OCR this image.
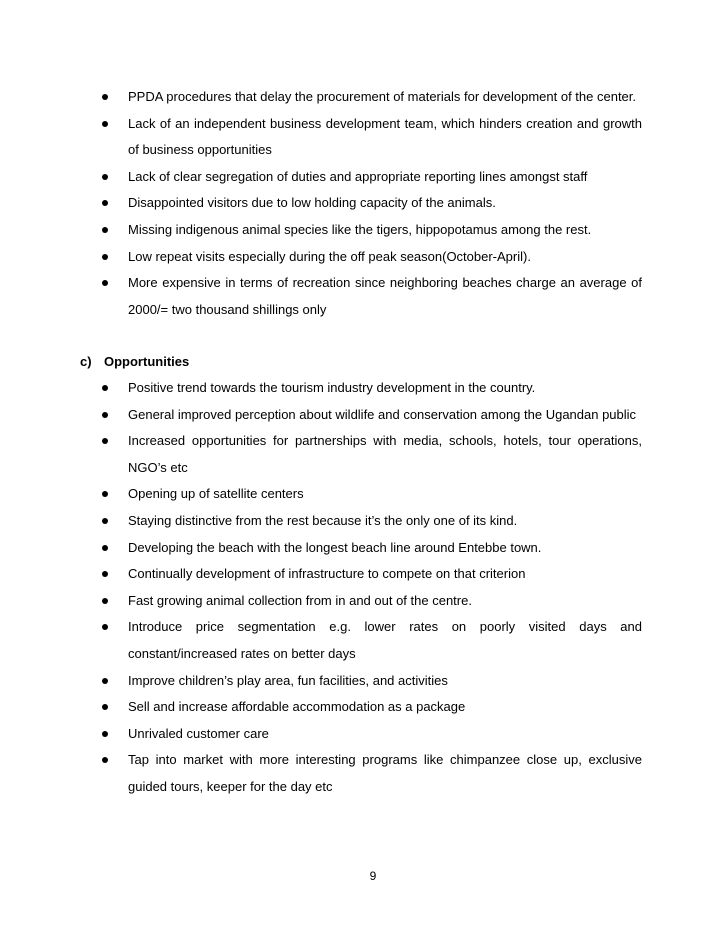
PPDA procedures that delay the procurement of materials for development of the center.
Lack of an independent business development team, which hinders creation and growth of business opportunities
Lack of clear segregation of duties and appropriate reporting lines amongst staff
Disappointed visitors due to low holding capacity of the animals.
Missing indigenous animal species like the tigers, hippopotamus among the rest.
Low repeat visits especially during the off peak season(October-April).
More expensive in terms of recreation since neighboring beaches charge an average of 2000/= two thousand shillings only
c) Opportunities
Positive trend towards the tourism industry development in the country.
General improved perception about wildlife and conservation among the Ugandan public
Increased opportunities for partnerships with media, schools, hotels, tour operations, NGO’s etc
Opening up of satellite centers
Staying distinctive from the rest because it’s the only one of its kind.
Developing the beach with the longest beach line around Entebbe town.
Continually development of infrastructure to compete on that criterion
Fast growing animal collection from in and out of the centre.
Introduce price segmentation e.g. lower rates on poorly visited days and constant/increased rates on better days
Improve children’s play area, fun facilities, and activities
Sell and increase affordable accommodation as a package
Unrivaled customer care
Tap into market with more interesting programs like chimpanzee close up, exclusive guided tours, keeper for the day etc
9
